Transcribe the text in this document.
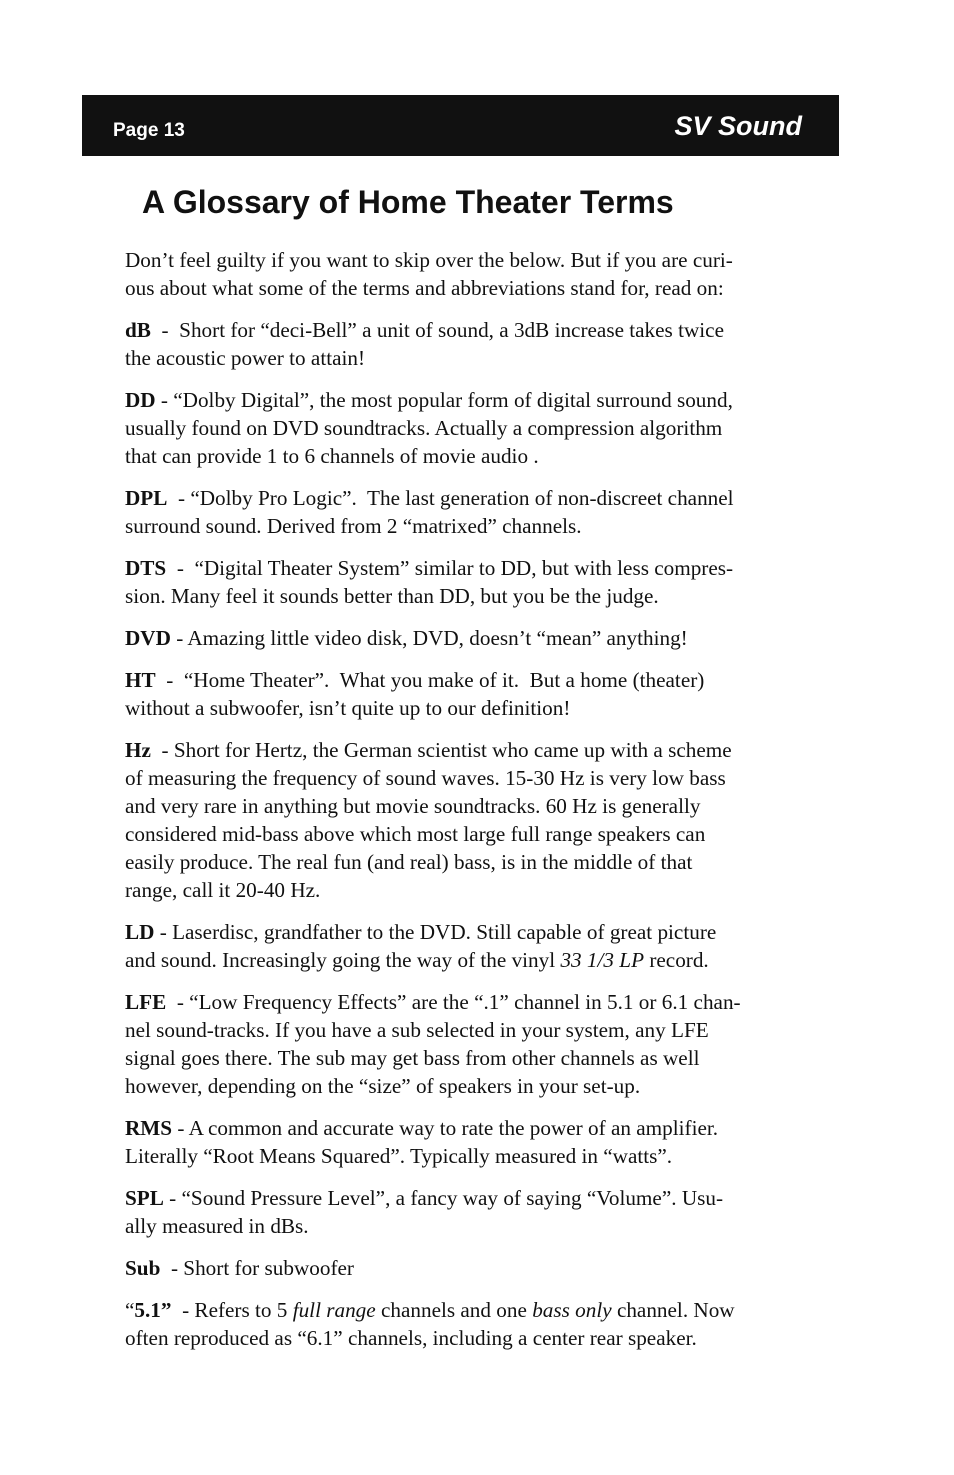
Page 13	SV Sound
A Glossary of Home Theater Terms

Don’t feel guilty if you want to skip over the below. But if you are curi-
ous about what some of the terms and abbreviations stand for, read on:

dB  -  Short for “deci-Bell” a unit of sound, a 3dB increase takes twice
the acoustic power to attain!

DD - “Dolby Digital”, the most popular form of digital surround sound,
usually found on DVD soundtracks. Actually a compression algorithm
that can provide 1 to 6 channels of movie audio .

DPL  - “Dolby Pro Logic”.  The last generation of non-discreet channel
surround sound. Derived from 2 “matrixed” channels.

DTS  -  “Digital Theater System” similar to DD, but with less compres-
sion. Many feel it sounds better than DD, but you be the judge.

DVD - Amazing little video disk, DVD, doesn’t “mean” anything!

HT  -  “Home Theater”.  What you make of it.  But a home (theater)
without a subwoofer, isn’t quite up to our definition!

Hz  - Short for Hertz, the German scientist who came up with a scheme
of measuring the frequency of sound waves. 15-30 Hz is very low bass
and very rare in anything but movie soundtracks. 60 Hz is generally
considered mid-bass above which most large full range speakers can
easily produce. The real fun (and real) bass, is in the middle of that
range, call it 20-40 Hz.

LD - Laserdisc, grandfather to the DVD. Still capable of great picture
and sound. Increasingly going the way of the vinyl 33 1/3 LP record.

LFE  - “Low Frequency Effects” are the “.1” channel in 5.1 or 6.1 chan-
nel sound-tracks. If you have a sub selected in your system, any LFE
signal goes there. The sub may get bass from other channels as well
however, depending on the “size” of speakers in your set-up.

RMS - A common and accurate way to rate the power of an amplifier.
Literally “Root Means Squared”. Typically measured in “watts”.

SPL - “Sound Pressure Level”, a fancy way of saying “Volume”. Usu-
ally measured in dBs.

Sub  - Short for subwoofer

“5.1”  - Refers to 5 full range channels and one bass only channel. Now
often reproduced as “6.1” channels, including a center rear speaker.
